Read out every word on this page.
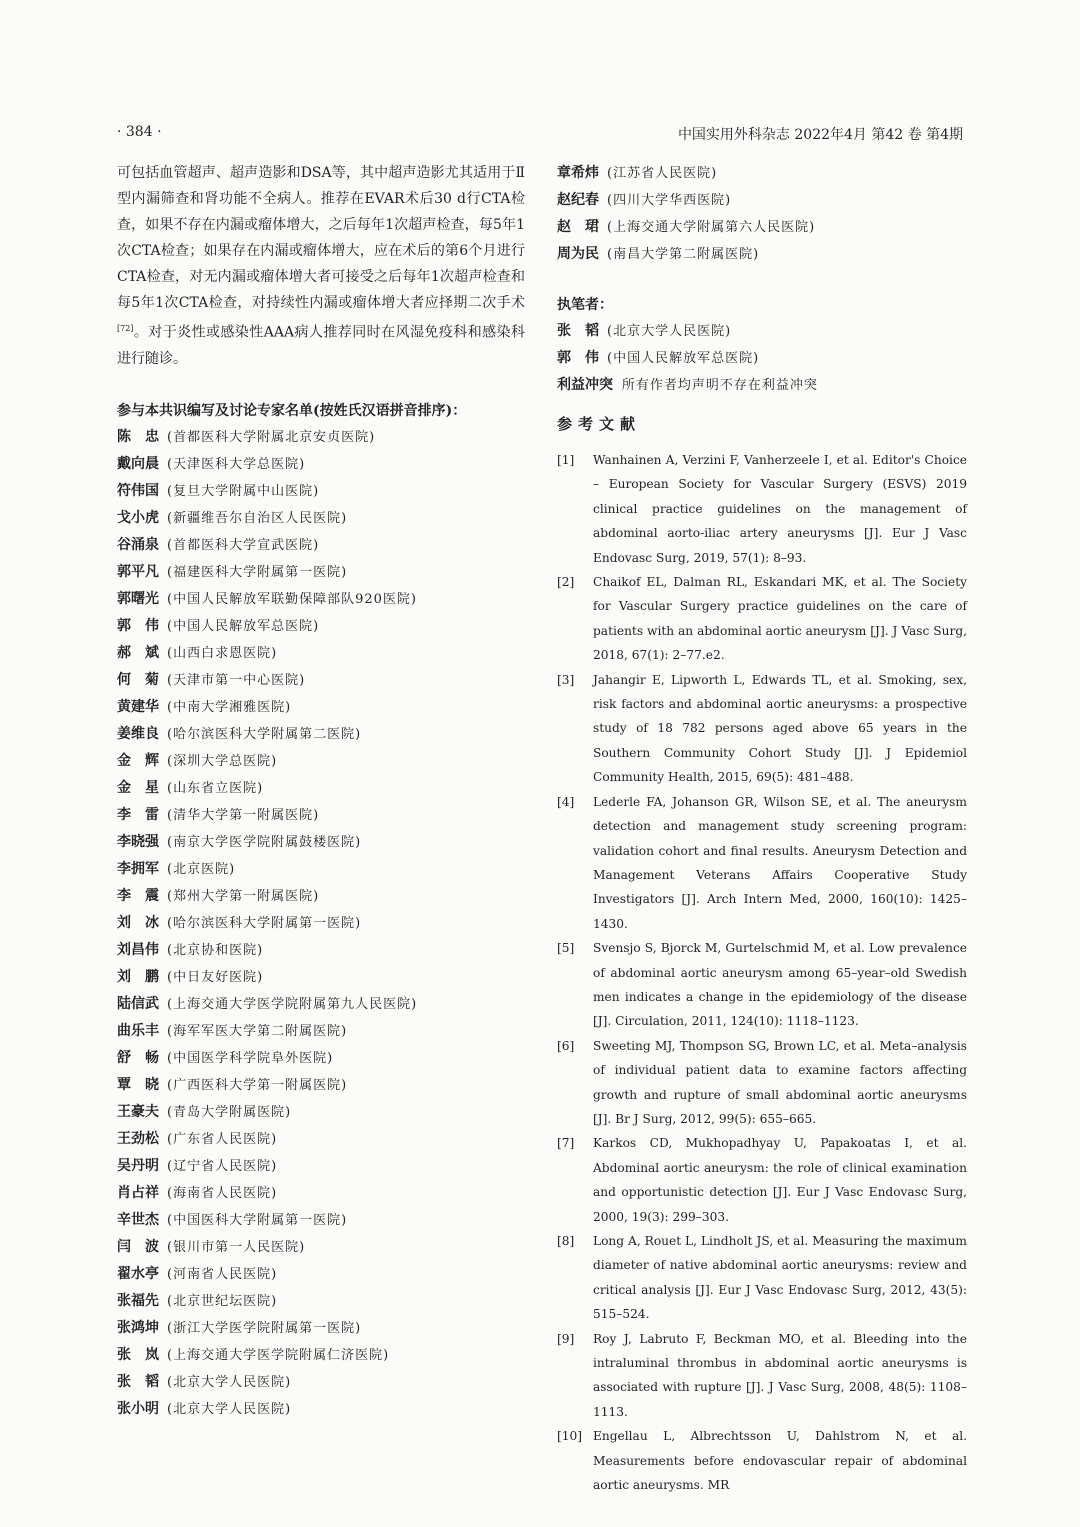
· 384 ·	中国实用外科杂志 2022年4月 第42 卷 第4期

可包括血管超声、超声造影和DSA等，其中超声造影尤其适用于Ⅱ型内漏筛查和肾功能不全病人。推荐在EVAR术后30 d行CTA检查，如果不存在内漏或瘤体增大，之后每年1次超声检查，每5年1次CTA检查；如果存在内漏或瘤体增大，应在术后的第6个月进行CTA检查，对无内漏或瘤体增大者可接受之后每年1次超声检查和每5年1次CTA检查，对持续性内漏或瘤体增大者应择期二次手术[72]。对于炎性或感染性AAA病人推荐同时在风湿免疫科和感染科进行随诊。

参与本共识编写及讨论专家名单(按姓氏汉语拼音排序)：

陈　忠 (首都医科大学附属北京安贞医院)
戴向晨 (天津医科大学总医院)
符伟国 (复旦大学附属中山医院)
戈小虎 (新疆维吾尔自治区人民医院)
谷涌泉 (首都医科大学宣武医院)
郭平凡 (福建医科大学附属第一医院)
郭曙光 (中国人民解放军联勤保障部队920医院)
郭　伟 (中国人民解放军总医院)
郝　斌 (山西白求恩医院)
何　菊 (天津市第一中心医院)
黄建华 (中南大学湘雅医院)
姜维良 (哈尔滨医科大学附属第二医院)
金　辉 (深圳大学总医院)
金　星 (山东省立医院)
李　雷 (清华大学第一附属医院)
李晓强 (南京大学医学院附属鼓楼医院)
李拥军 (北京医院)
李　震 (郑州大学第一附属医院)
刘　冰 (哈尔滨医科大学附属第一医院)
刘昌伟 (北京协和医院)
刘　鹏 (中日友好医院)
陆信武 (上海交通大学医学院附属第九人民医院)
曲乐丰 (海军军医大学第二附属医院)
舒　畅 (中国医学科学院阜外医院)
覃　晓 (广西医科大学第一附属医院)
王豪夫 (青岛大学附属医院)
王劲松 (广东省人民医院)
吴丹明 (辽宁省人民医院)
肖占祥 (海南省人民医院)
辛世杰 (中国医科大学附属第一医院)
闫　波 (银川市第一人民医院)
翟水亭 (河南省人民医院)
张福先 (北京世纪坛医院)
张鸿坤 (浙江大学医学院附属第一医院)
张　岚 (上海交通大学医学院附属仁济医院)
张　韬 (北京大学人民医院)
张小明 (北京大学人民医院)
章希炜 (江苏省人民医院)
赵纪春 (四川大学华西医院)
赵　珺 (上海交通大学附属第六人民医院)
周为民 (南昌大学第二附属医院)

执笔者：

张　韬 (北京大学人民医院)
郭　伟 (中国人民解放军总医院)
利益冲突 所有作者均声明不存在利益冲突

参考文献

[1] Wanhainen A, Verzini F, Vanherzeele I, et al. Editor's Choice – European Society for Vascular Surgery (ESVS) 2019 clinical practice guidelines on the management of abdominal aorto-iliac artery aneurysms [J]. Eur J Vasc Endovasc Surg, 2019, 57(1): 8–93.

[2] Chaikof EL, Dalman RL, Eskandari MK, et al. The Society for Vascular Surgery practice guidelines on the care of patients with an abdominal aortic aneurysm [J]. J Vasc Surg, 2018, 67(1): 2–77.e2.

[3] Jahangir E, Lipworth L, Edwards TL, et al. Smoking, sex, risk factors and abdominal aortic aneurysms: a prospective study of 18 782 persons aged above 65 years in the Southern Community Cohort Study [J]. J Epidemiol Community Health, 2015, 69(5): 481–488.

[4] Lederle FA, Johanson GR, Wilson SE, et al. The aneurysm detection and management study screening program: validation cohort and final results. Aneurysm Detection and Management Veterans Affairs Cooperative Study Investigators [J]. Arch Intern Med, 2000, 160(10): 1425–1430.

[5] Svensjo S, Bjorck M, Gurtelschmid M, et al. Low prevalence of abdominal aortic aneurysm among 65–year–old Swedish men indicates a change in the epidemiology of the disease [J]. Circulation, 2011, 124(10): 1118–1123.

[6] Sweeting MJ, Thompson SG, Brown LC, et al. Meta–analysis of individual patient data to examine factors affecting growth and rupture of small abdominal aortic aneurysms [J]. Br J Surg, 2012, 99(5): 655–665.

[7] Karkos CD, Mukhopadhyay U, Papakoatas I, et al. Abdominal aortic aneurysm: the role of clinical examination and opportunistic detection [J]. Eur J Vasc Endovasc Surg, 2000, 19(3): 299–303.

[8] Long A, Rouet L, Lindholt JS, et al. Measuring the maximum diameter of native abdominal aortic aneurysms: review and critical analysis [J]. Eur J Vasc Endovasc Surg, 2012, 43(5): 515–524.

[9] Roy J, Labruto F, Beckman MO, et al. Bleeding into the intraluminal thrombus in abdominal aortic aneurysms is associated with rupture [J]. J Vasc Surg, 2008, 48(5): 1108–1113.

[10] Engellau L, Albrechtsson U, Dahlstrom N, et al. Measurements before endovascular repair of abdominal aortic aneurysms. MR
